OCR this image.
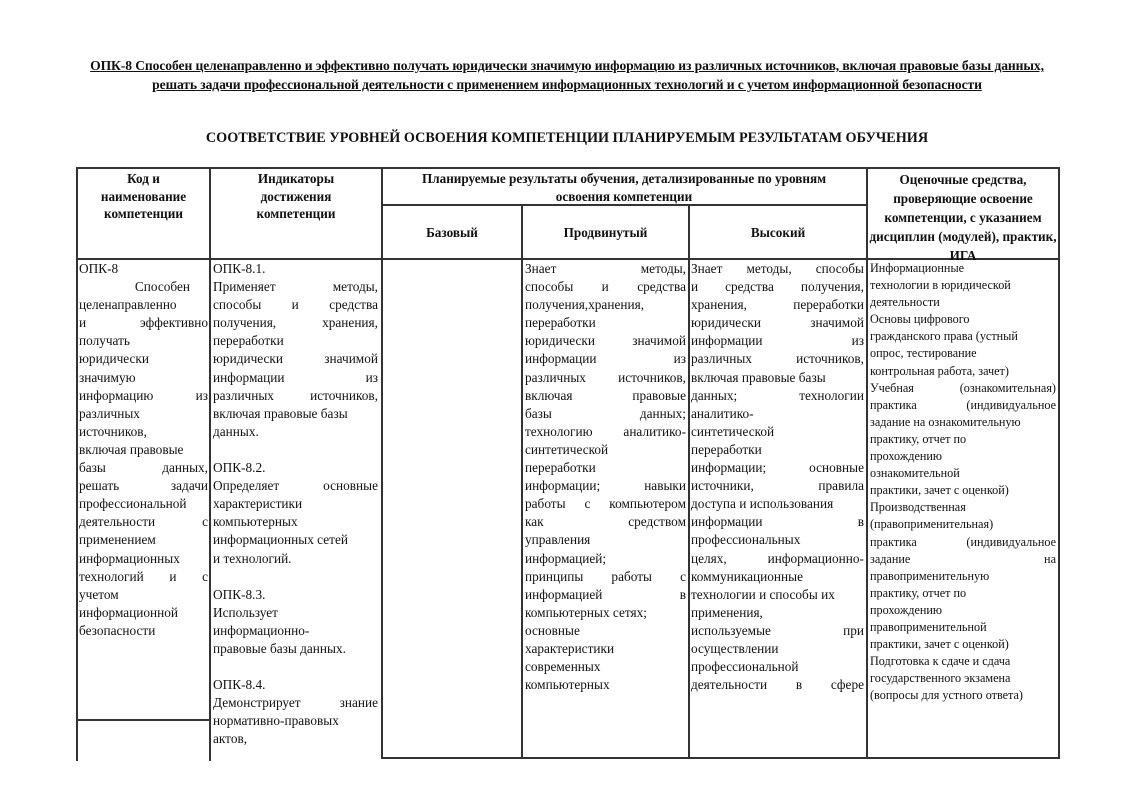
ОПК-8 Способен целенаправленно и эффективно получать юридически значимую информацию из различных источников, включая правовые базы данных, решать задачи профессиональной деятельности с применением информационных технологий и с учетом информационной безопасности
СООТВЕТСТВИЕ УРОВНЕЙ ОСВОЕНИЯ КОМПЕТЕНЦИИ ПЛАНИРУЕМЫМ РЕЗУЛЬТАТАМ ОБУЧЕНИЯ
Код и наименование компетенции
Индикаторы достижения компетенции
Планируемые результаты обучения, детализированные по уровням освоения компетенции
Базовый	Продвинутый	Высокий
Оценочные средства, проверяющие освоение компетенции, с указанием дисциплин (модулей), практик, ИГА
ОПК-8
Способен
целенаправленно
и эффективно
получать
юридически
значимую
информацию из
различных
источников,
включая правовые
базы данных,
решать задачи
профессиональной
деятельности с
применением
информационных
технологий и с
учетом
информационной
безопасности
ОПК-8.1.
Применяет методы,
способы и средства
получения, хранения,
переработки
юридически значимой
информации из
различных источников,
включая правовые базы
данных.
ОПК-8.2.
Определяет основные
характеристики
компьютерных
информационных сетей
и технологий.
ОПК-8.3.
Использует
информационно-
правовые базы данных.
ОПК-8.4.
Демонстрирует знание
нормативно-правовых
актов,
Знает методы,
способы и средства
получения,хранения,
переработки
юридически значимой
информации из
различных источников,
включая правовые
базы данных;
технологию аналитико-
синтетической
переработки
информации; навыки
работы с компьютером
как средством
управления
информацией;
принципы работы с
информацией в
компьютерных сетях;
основные
характеристики
современных
компьютерных
Знает методы, способы
и средства получения,
хранения, переработки
юридически значимой
информации из
различных источников,
включая правовые базы
данных; технологии
аналитико-
синтетической
переработки
информации; основные
источники, правила
доступа и использования
информации в
профессиональных
целях, информационно-
коммуникационные
технологии и способы их
применения,
используемые при
осуществлении
профессиональной
деятельности в сфере
Информационные
технологии в юридической
деятельности
Основы цифрового
гражданского права (устный
опрос, тестирование
контрольная работа, зачет)
Учебная (ознакомительная)
практика (индивидуальное
задание на ознакомительную
практику, отчет по
прохождению
ознакомительной
практики, зачет с оценкой)
Производственная
(правоприменительная)
практика (индивидуальное
задание на
правоприменительную
практику, отчет по
прохождению
правоприменительной
практики, зачет с оценкой)
Подготовка к сдаче и сдача
государственного экзамена
(вопросы для устного ответа)
